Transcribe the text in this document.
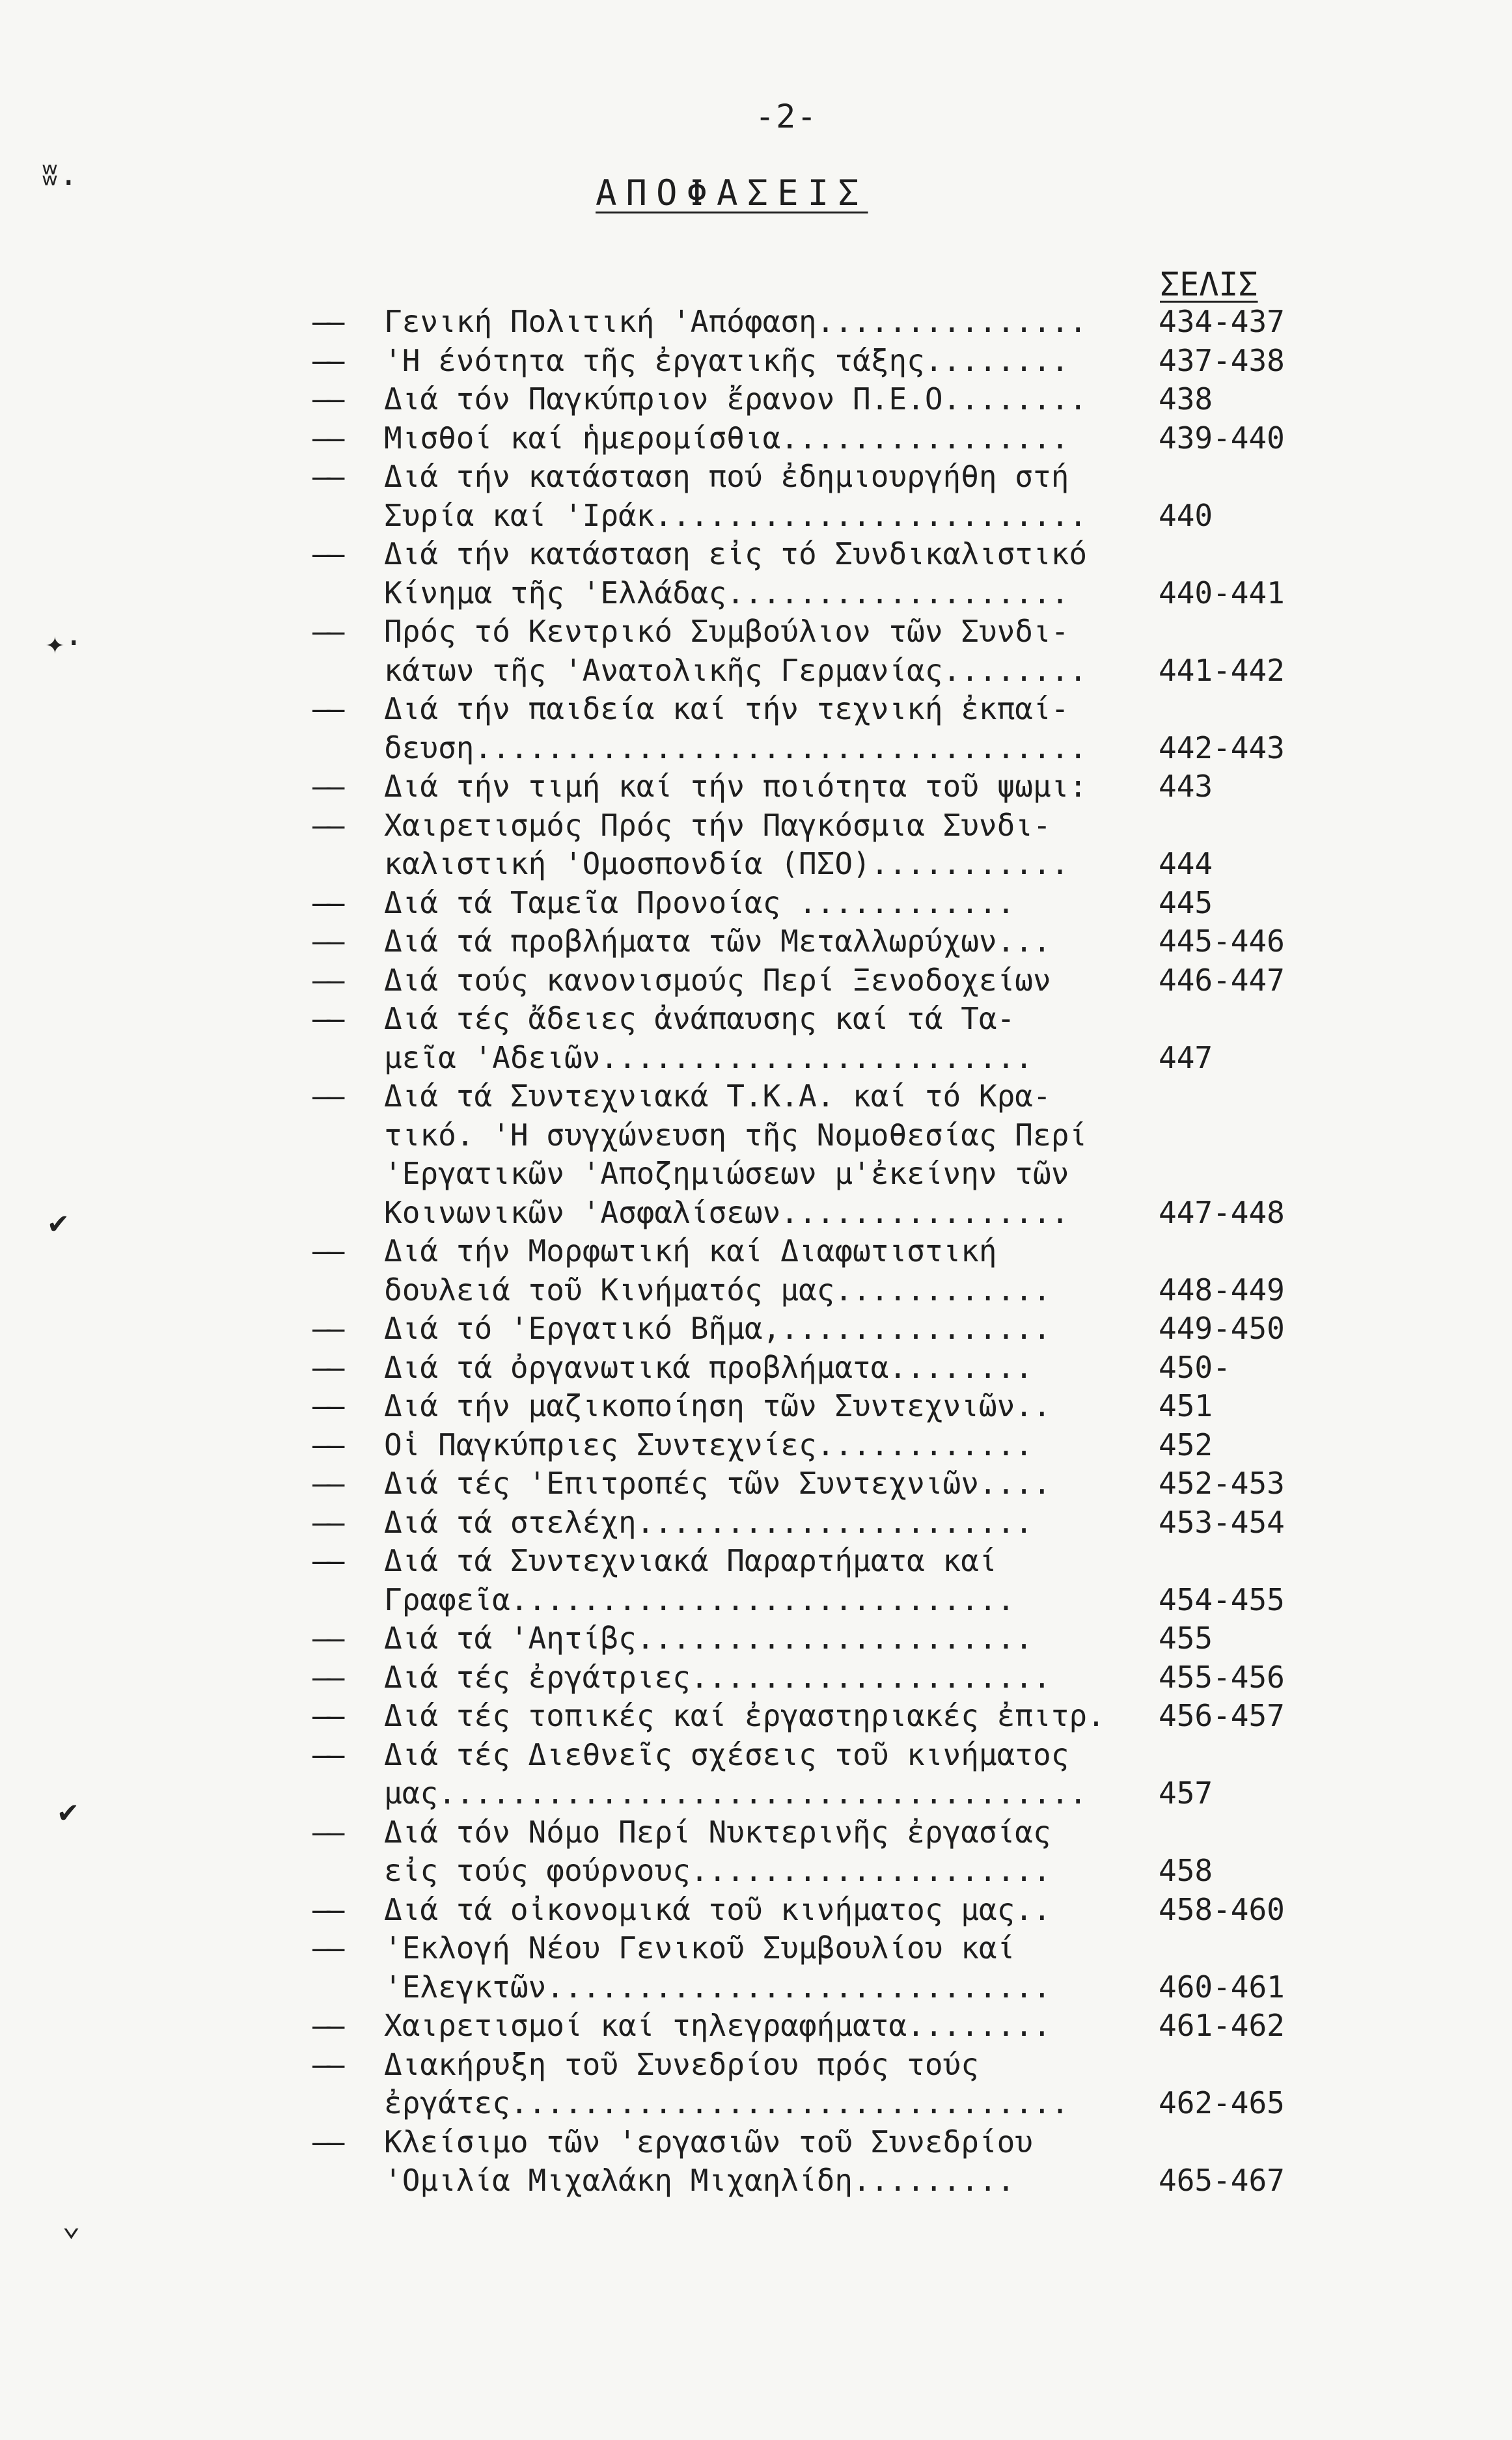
-2-
ΑΠΟΦΑΣΕΙΣ
ΣΕΛΙΣ
ʬ.
✦·
✔
✔
⌄
——	Γενική Πολιτική 'Απόφαση............... 434-437
——	'Η ένότητα τῆς ἐργατικῆς τάξης........	437-438
——	Διά τόν Παγκύπριον ἔρανον Π.Ε.Ο........ 438
——	Μισθοί καί ἡμερομίσθια................	439-440
——	Διά τήν κατάσταση πού ἐδημιουργήθη στή
Συρία καί 'Ιράκ........................ 440
——	Διά τήν κατάσταση εἰς τό Συνδικαλιστικό
Κίνημα τῆς 'Ελλάδας...................	440-441
——	Πρός τό Κεντρικό Συμβούλιον τῶν Συνδι-
κάτων τῆς 'Ανατολικῆς Γερμανίας........ 441-442
——	Διά τήν παιδεία καί τήν τεχνική ἐκπαί-
δευση.................................. 442-443
——	Διά τήν τιμή καί τήν ποιότητα τοῦ ψωμι: 443
——	Χαιρετισμός Πρός τήν Παγκόσμια Συνδι-
καλιστική 'Ομοσπονδία (ΠΣΟ)...........	444
——	Διά τά Ταμεῖα Προνοίας ............	445
——	Διά τά προβλήματα τῶν Μεταλλωρύχων...	445-446
——	Διά τούς κανονισμούς Περί Ξενοδοχείων	446-447
——	Διά τές ἄδειες ἀνάπαυσης καί τά Τα-
μεῖα 'Αδειῶν........................	447
——	Διά τά Συντεχνιακά Τ.Κ.Α. καί τό Κρα-
τικό. 'Η συγχώνευση τῆς Νομοθεσίας Περί
'Εργατικῶν 'Αποζημιώσεων μ'ἐκείνην τῶν
Κοινωνικῶν 'Ασφαλίσεων................	447-448
——	Διά τήν Μορφωτική καί Διαφωτιστική
δουλειά τοῦ Κινήματός μας............	448-449
——	Διά τό 'Εργατικό Βῆμα,...............	449-450
——	Διά τά ὀργανωτικά προβλήματα........	450-
——	Διά τήν μαζικοποίηση τῶν Συντεχνιῶν..	451
——	Οἱ Παγκύπριες Συντεχνίες............	452
——	Διά τές 'Επιτροπές τῶν Συντεχνιῶν....	452-453
——	Διά τά στελέχη......................	453-454
——	Διά τά Συντεχνιακά Παραρτήματα καί
Γραφεῖα............................	454-455
——	Διά τά 'Αητίβς......................	455
——	Διά τές ἐργάτριες....................	455-456
——	Διά τές τοπικές καί ἐργαστηριακές ἐπιτρ. 456-457
——	Διά τές Διεθνεῖς σχέσεις τοῦ κινήματος
μας.................................... 457
——	Διά τόν Νόμο Περί Νυκτερινῆς ἐργασίας
εἰς τούς φούρνους....................	458
——	Διά τά οἰκονομικά τοῦ κινήματος μας..	458-460
——	'Εκλογή Νέου Γενικοῦ Συμβουλίου καί
'Ελεγκτῶν............................	460-461
——	Χαιρετισμοί καί τηλεγραφήματα........	461-462
——	Διακήρυξη τοῦ Συνεδρίου πρός τούς
ἐργάτες...............................	462-465
——	Κλείσιμο τῶν 'εργασιῶν τοῦ Συνεδρίου
'Ομιλία Μιχαλάκη Μιχαηλίδη.........	465-467
